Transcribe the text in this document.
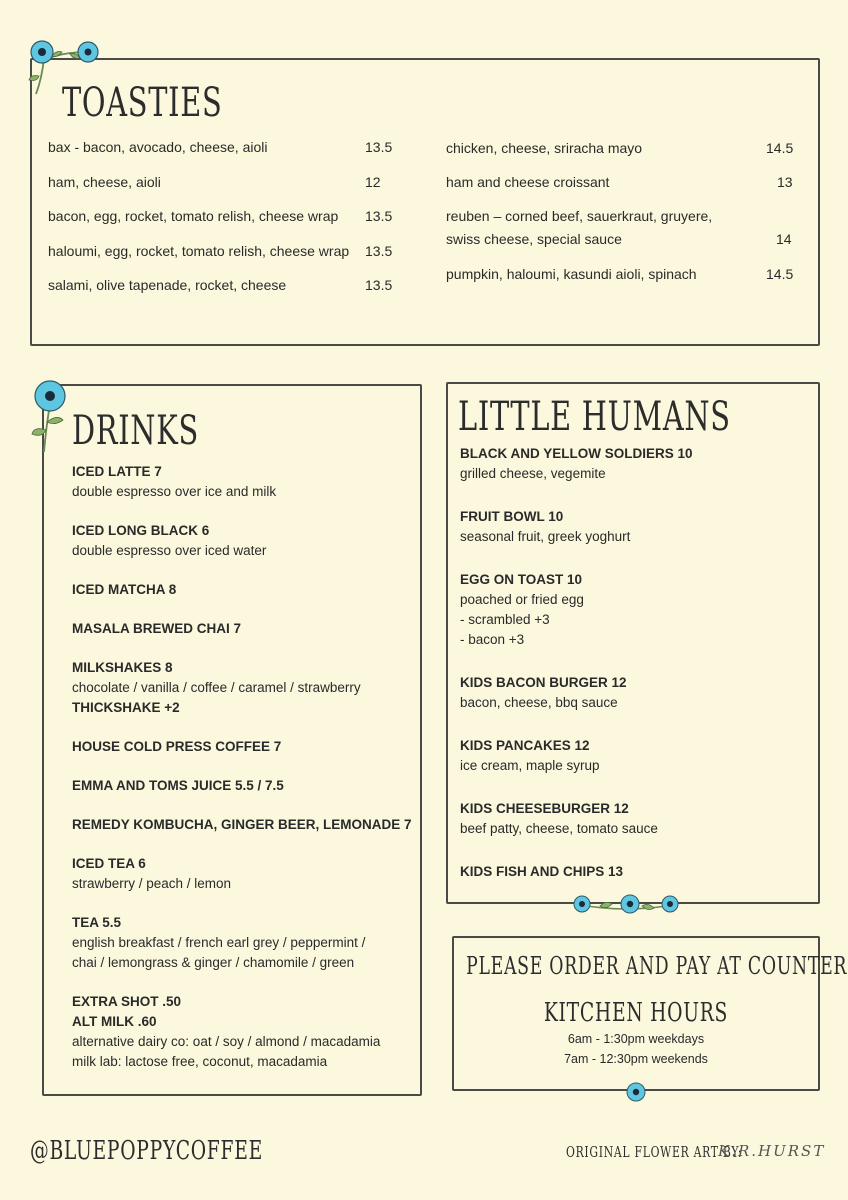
TOASTIES
bax - bacon, avocado, cheese, aioli	13.5
ham, cheese, aioli	12
bacon, egg, rocket, tomato relish, cheese wrap 13.5
haloumi, egg, rocket, tomato relish, cheese wrap 13.5
salami, olive tapenade, rocket, cheese	13.5
chicken, cheese, sriracha mayo	14.5
ham and cheese croissant	13
reuben – corned beef, sauerkraut, gruyere,
swiss cheese, special sauce	14
pumpkin, haloumi, kasundi aioli, spinach	14.5
DRINKS
ICED LATTE 7
double espresso over ice and milk
ICED LONG BLACK 6
double espresso over iced water
ICED MATCHA 8
MASALA BREWED CHAI 7
MILKSHAKES 8
chocolate / vanilla / coffee / caramel / strawberry
THICKSHAKE +2
HOUSE COLD PRESS COFFEE 7
EMMA AND TOMS JUICE 5.5 / 7.5
REMEDY KOMBUCHA, GINGER BEER, LEMONADE 7
ICED TEA 6
strawberry / peach / lemon
TEA 5.5
english breakfast / french earl grey / peppermint /
chai / lemongrass & ginger / chamomile / green
EXTRA SHOT .50
ALT MILK .60
alternative dairy co: oat / soy / almond / macadamia
milk lab: lactose free, coconut, macadamia
LITTLE HUMANS
BLACK AND YELLOW SOLDIERS 10
grilled cheese, vegemite
FRUIT BOWL 10
seasonal fruit, greek yoghurt
EGG ON TOAST 10
poached or fried egg
- scrambled +3
- bacon +3
KIDS BACON BURGER 12
bacon, cheese, bbq sauce
KIDS PANCAKES 12
ice cream, maple syrup
KIDS CHEESEBURGER 12
beef patty, cheese, tomato sauce
KIDS FISH AND CHIPS 13
PLEASE ORDER AND PAY AT COUNTER
KITCHEN HOURS
6am - 1:30pm weekdays
7am - 12:30pm weekends
@BLUEPOPPYCOFFEE	ORIGINAL FLOWER ART BY:
K.R.HURST
